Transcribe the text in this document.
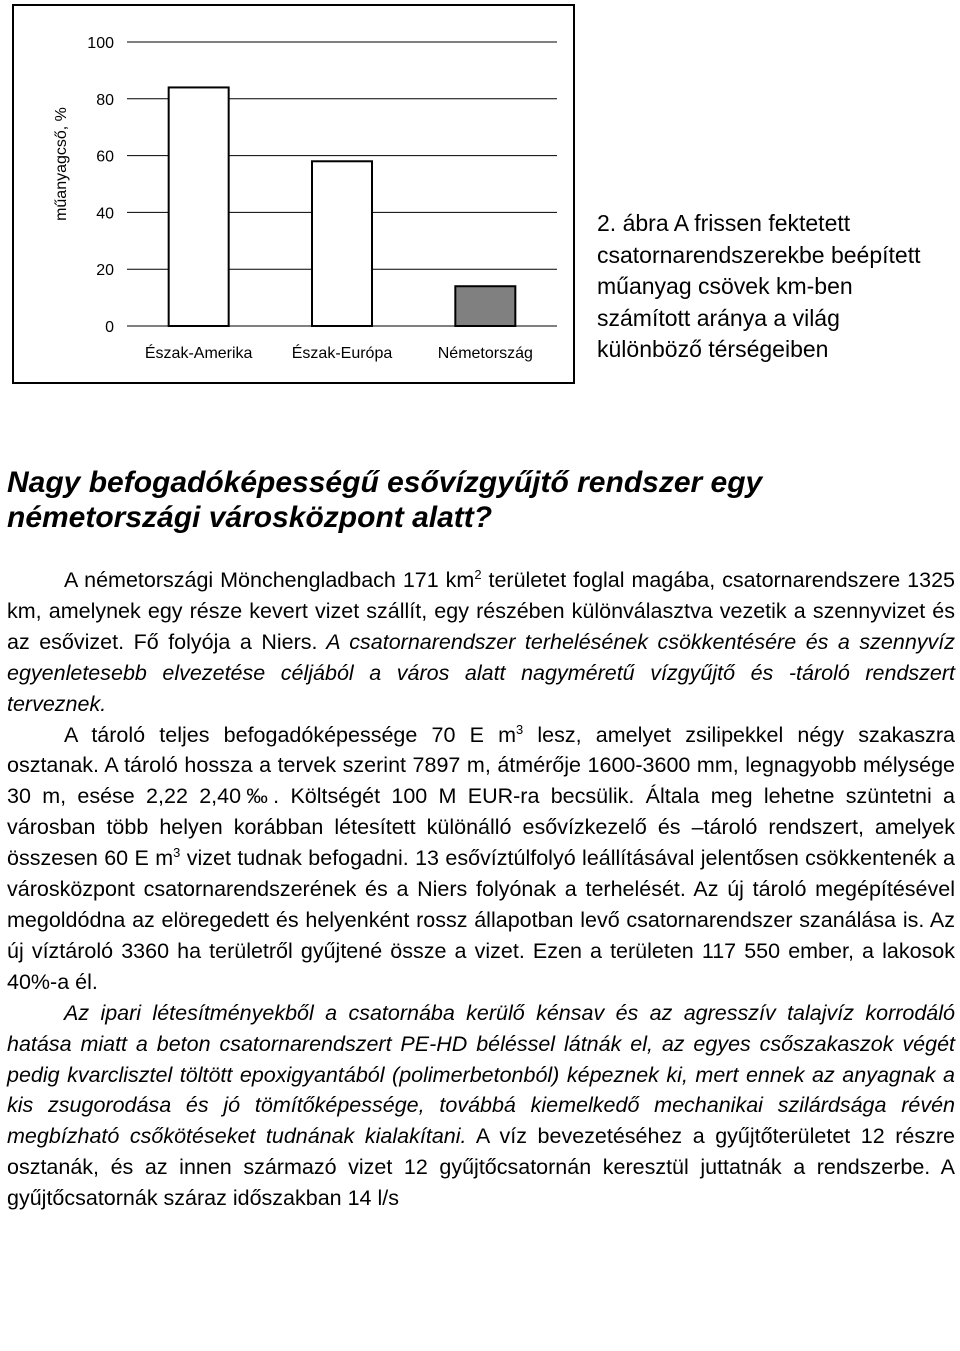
0
20
40
60
80
100
műanyagcső, %
Észak-Amerika Észak-Európa	Németország

2. ábra A frissen fektetett csatornarendszerekbe beépített műanyag csövek km-ben számított aránya a világ különböző térségeiben

Nagy befogadóképességű esővízgyűjtő rendszer egy németországi városközpont alatt?

A németországi Mönchengladbach 171 $km^2$ területet foglal magába, csatornarendszere 1325 km, amelynek egy része kevert vizet szállít, egy részében különválasztva vezetik a szennyvizet és az esővizet. Fő folyója a Niers. A csatornarendszer terhelésének csökkentésére és a szennyvíz egyenletesebb elvezetése céljából a város alatt nagyméretű vízgyűjtő és -tároló rendszert terveznek.

A tároló teljes befogadóképessége 70 E $m^3$ lesz, amelyet zsilipekkel négy szakaszra osztanak. A tároló hossza a tervek szerint 7897 m, átmérője 1600-3600 mm, legnagyobb mélysége 30 m, esése 2,22 2,40‰. Költségét 100 M EUR-ra becsülik. Általa meg lehetne szüntetni a városban több helyen korábban létesített különálló esővízkezelő és –tároló rendszert, amelyek összesen 60 E $m^3$ vizet tudnak befogadni. 13 esővíztúlfolyó leállításával jelentősen csökkentenék a városközpont csatornarendszerének és a Niers folyónak a terhelését. Az új tároló megépítésével megoldódna az elöregedett és helyenként rossz állapotban levő csatornarendszer szanálása is. Az új víztároló 3360 ha területről gyűjtené össze a vizet. Ezen a területen 117 550 ember, a lakosok 40%-a él.

Az ipari létesítményekből a csatornába kerülő kénsav és az agresszív talajvíz korrodáló hatása miatt a beton csatornarendszert PE-HD béléssel látnák el, az egyes csőszakaszok végét pedig kvarclisztel töltött epoxigyantából (polimerbetonból) képeznek ki, mert ennek az anyagnak a kis zsugorodása és jó tömítőképessége, továbbá kiemelkedő mechanikai szilárdsága révén megbízható csőkötéseket tudnának kialakítani. A víz bevezetéséhez a gyűjtőterületet 12 részre osztanák, és az innen származó vizet 12 gyűjtőcsatornán keresztül juttatnák a rendszerbe. A gyűjtőcsatornák száraz időszakban 14 l/s
